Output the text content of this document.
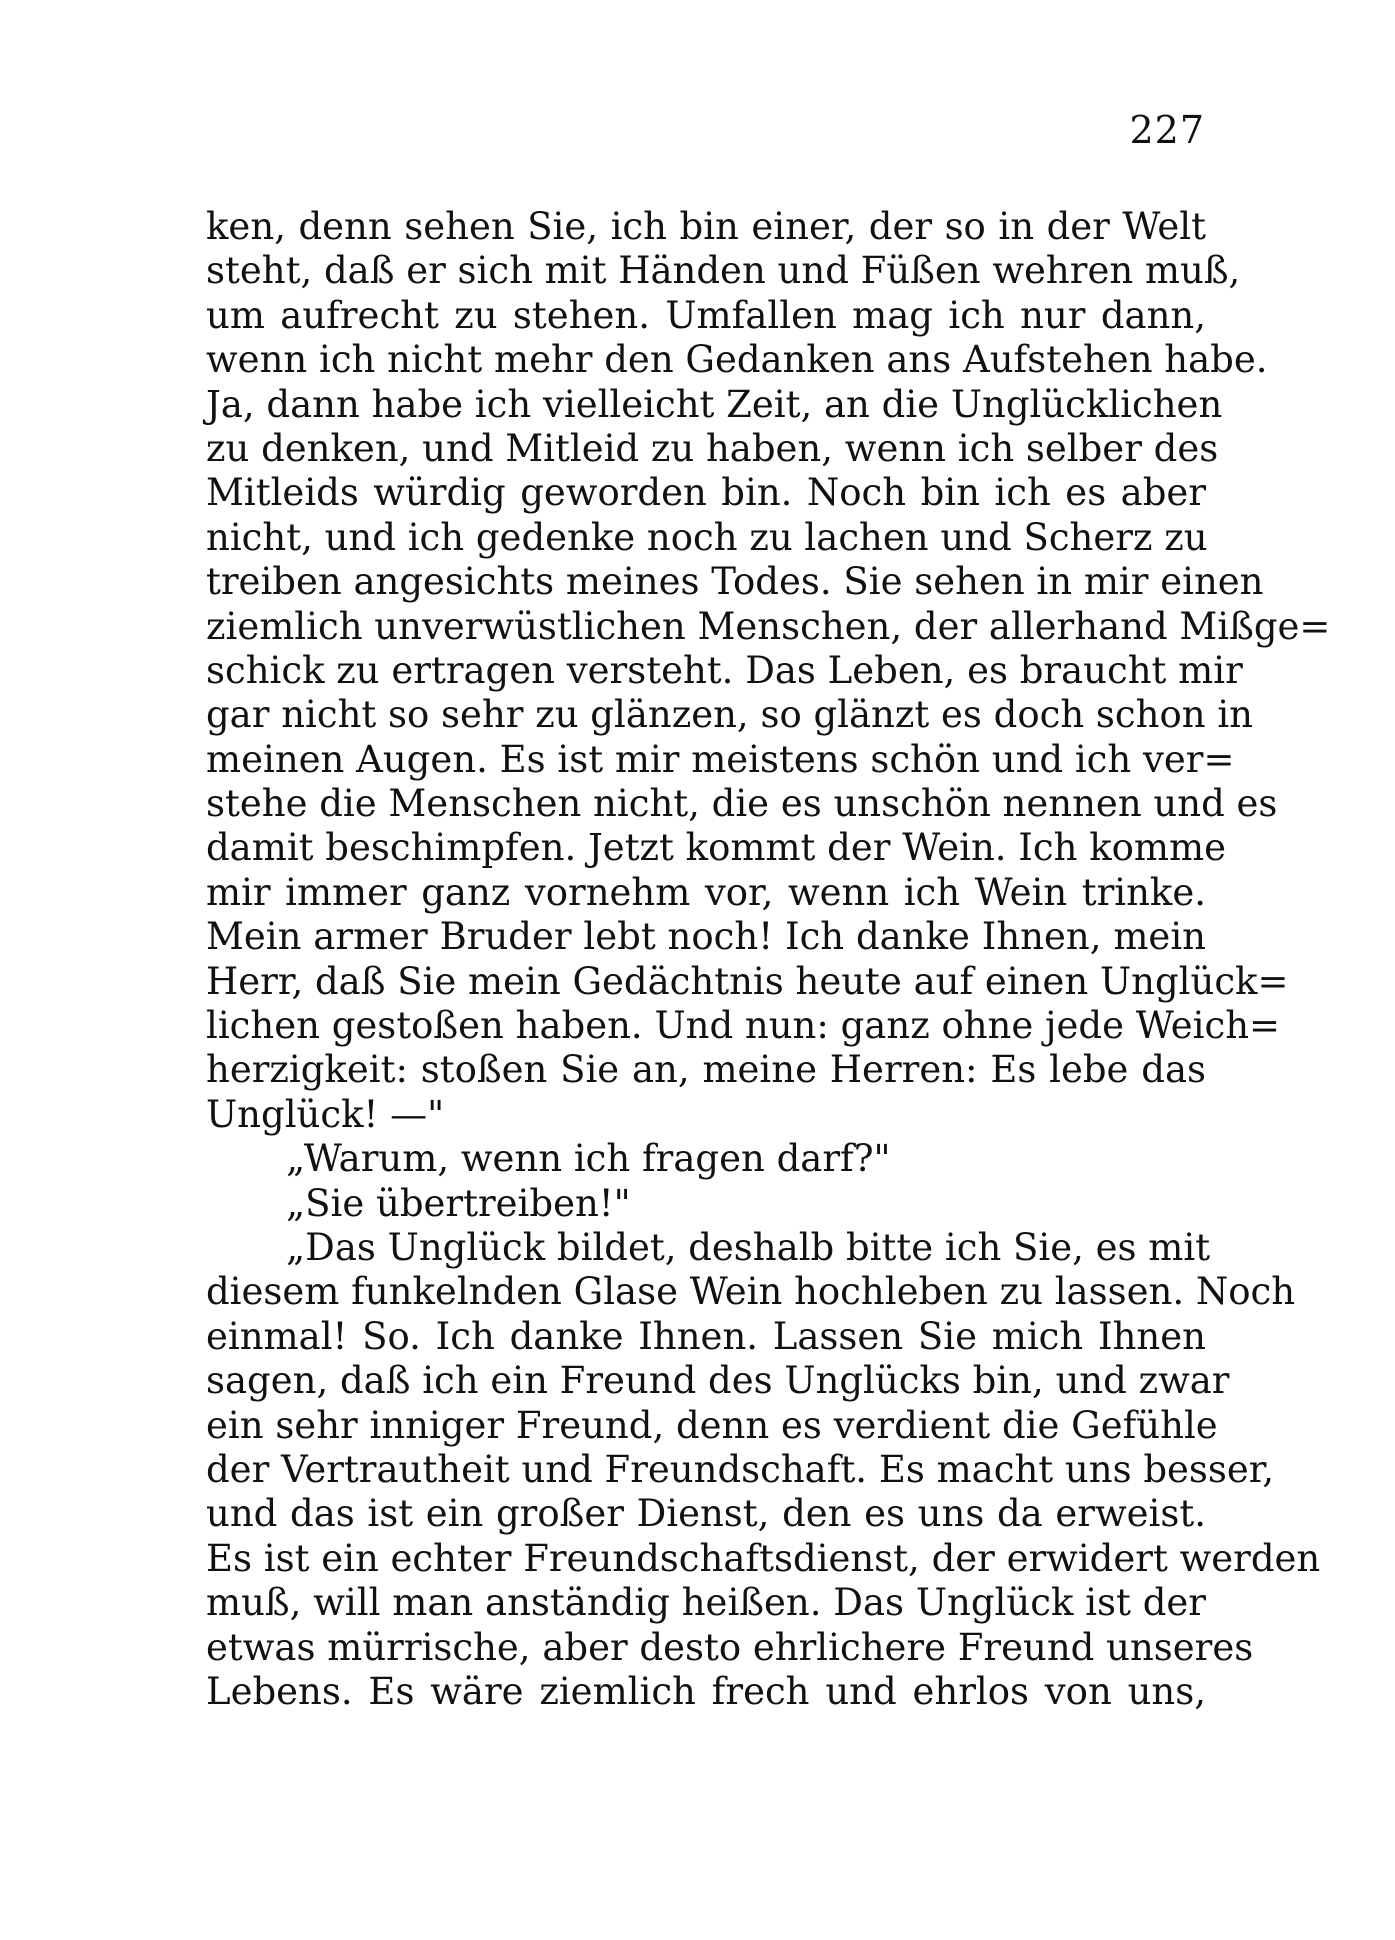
227
ken, denn sehen Sie, ich bin einer, der so in der Welt
steht, daß er sich mit Händen und Füßen wehren muß,
um aufrecht zu stehen. Umfallen mag ich nur dann,
wenn ich nicht mehr den Gedanken ans Aufstehen habe.
Ja, dann habe ich vielleicht Zeit, an die Unglücklichen
zu denken, und Mitleid zu haben, wenn ich selber des
Mitleids würdig geworden bin. Noch bin ich es aber
nicht, und ich gedenke noch zu lachen und Scherz zu
treiben angesichts meines Todes. Sie sehen in mir einen
ziemlich unverwüstlichen Menschen, der allerhand Mißge=
schick zu ertragen versteht. Das Leben, es braucht mir
gar nicht so sehr zu glänzen, so glänzt es doch schon in
meinen Augen. Es ist mir meistens schön und ich ver=
stehe die Menschen nicht, die es unschön nennen und es
damit beschimpfen. Jetzt kommt der Wein. Ich komme
mir immer ganz vornehm vor, wenn ich Wein trinke.
Mein armer Bruder lebt noch! Ich danke Ihnen, mein
Herr, daß Sie mein Gedächtnis heute auf einen Unglück=
lichen gestoßen haben. Und nun: ganz ohne jede Weich=
herzigkeit: stoßen Sie an, meine Herren: Es lebe das
Unglück! —"
„Warum, wenn ich fragen darf?"
„Sie übertreiben!"
„Das Unglück bildet, deshalb bitte ich Sie, es mit
diesem funkelnden Glase Wein hochleben zu lassen. Noch
einmal! So. Ich danke Ihnen. Lassen Sie mich Ihnen
sagen, daß ich ein Freund des Unglücks bin, und zwar
ein sehr inniger Freund, denn es verdient die Gefühle
der Vertrautheit und Freundschaft. Es macht uns besser,
und das ist ein großer Dienst, den es uns da erweist.
Es ist ein echter Freundschaftsdienst, der erwidert werden
muß, will man anständig heißen. Das Unglück ist der
etwas mürrische, aber desto ehrlichere Freund unseres
Lebens. Es wäre ziemlich frech und ehrlos von uns,
